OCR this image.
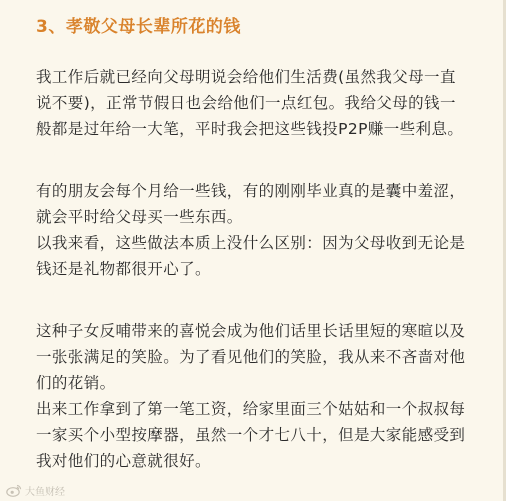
3、孝敬父母长辈所花的钱
我工作后就已经向父母明说会给他们生活费(虽然我父母一直
说不要)，正常节假日也会给他们一点红包。我给父母的钱一
般都是过年给一大笔，平时我会把这些钱投P2P赚一些利息。
有的朋友会每个月给一些钱，有的刚刚毕业真的是囊中羞涩，
就会平时给父母买一些东西。
以我来看，这些做法本质上没什么区别：因为父母收到无论是
钱还是礼物都很开心了。
这种子女反哺带来的喜悦会成为他们话里长话里短的寒暄以及
一张张满足的笑脸。为了看见他们的笑脸，我从来不吝啬对他
们的花销。
出来工作拿到了第一笔工资，给家里面三个姑姑和一个叔叔每
一家买个小型按摩器，虽然一个才七八十，但是大家能感受到
我对他们的心意就很好。
大鱼财经
